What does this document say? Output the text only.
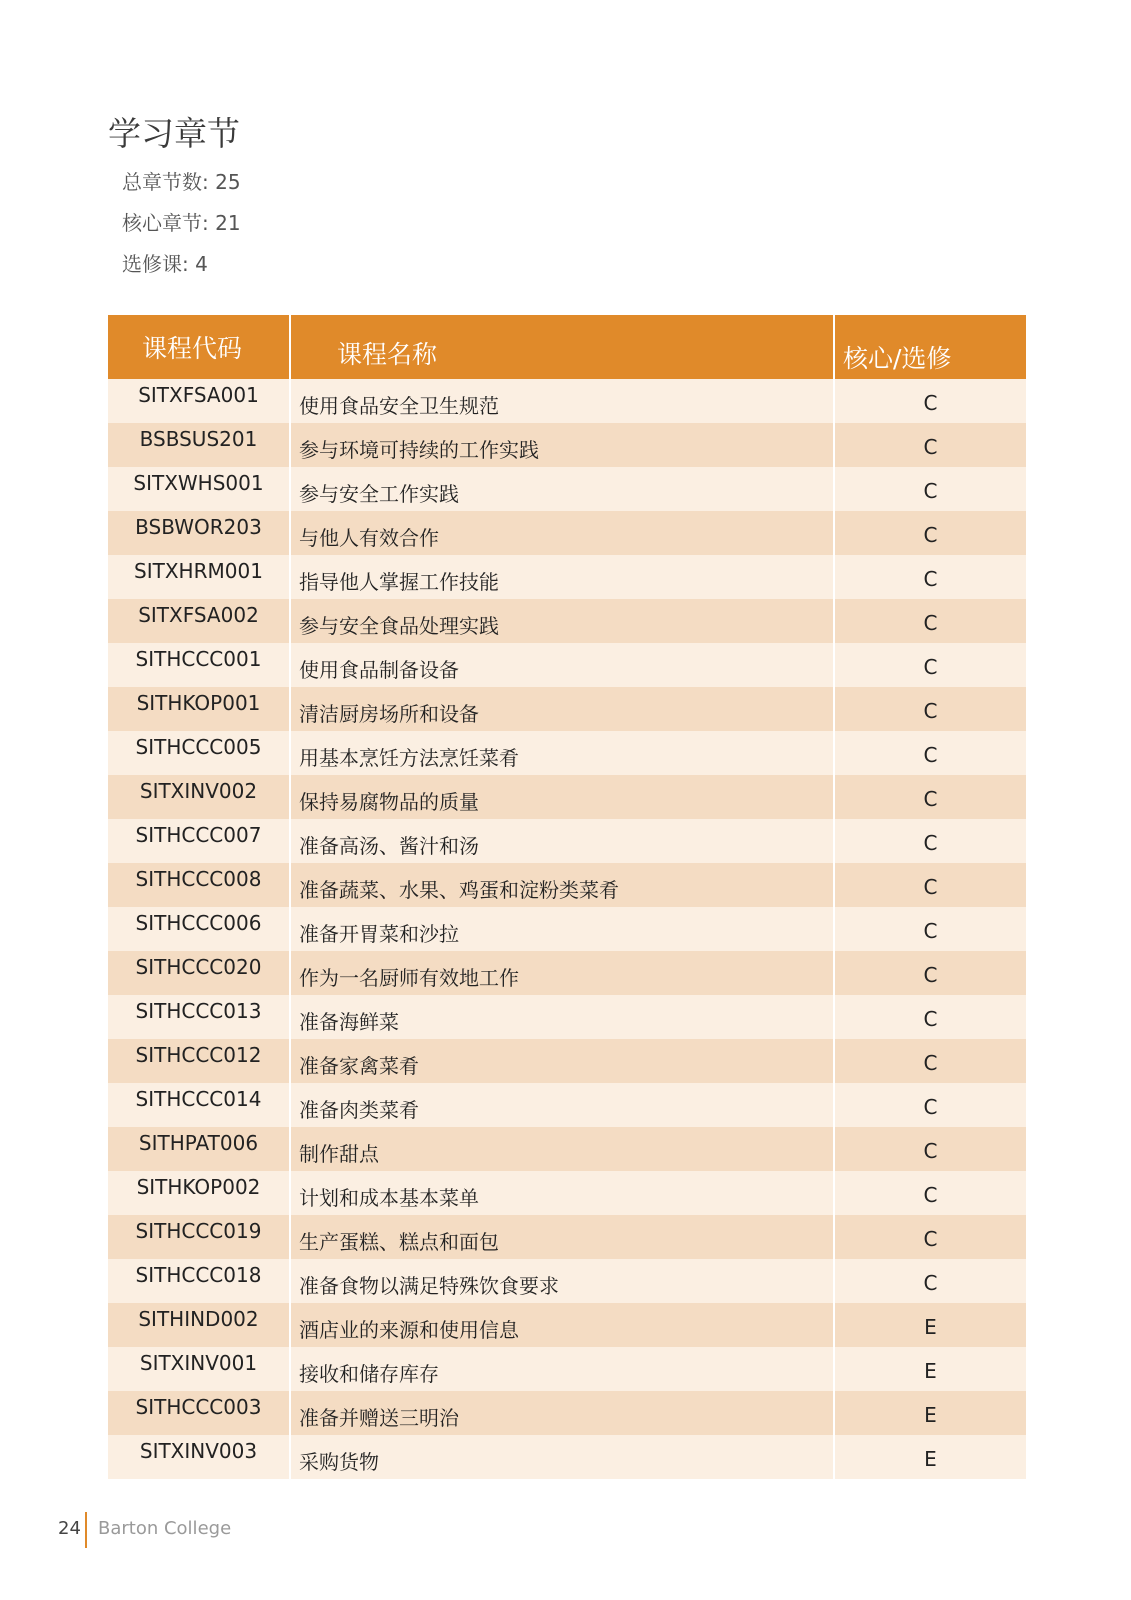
学习章节
总章节数: 25
核心章节: 21
选修课: 4
课程代码	课程名称	核心/选修
SITXFSA001	使用食品安全卫生规范	C
BSBSUS201	参与环境可持续的工作实践	C
SITXWHS001	参与安全工作实践	C
BSBWOR203	与他人有效合作	C
SITXHRM001	指导他人掌握工作技能	C
SITXFSA002	参与安全食品处理实践	C
SITHCCC001	使用食品制备设备	C
SITHKOP001	清洁厨房场所和设备	C
SITHCCC005	用基本烹饪方法烹饪菜肴	C
SITXINV002	保持易腐物品的质量	C
SITHCCC007	准备高汤、酱汁和汤	C
SITHCCC008	准备蔬菜、水果、鸡蛋和淀粉类菜肴	C
SITHCCC006	准备开胃菜和沙拉	C
SITHCCC020	作为一名厨师有效地工作	C
SITHCCC013	准备海鲜菜	C
SITHCCC012	准备家禽菜肴	C
SITHCCC014	准备肉类菜肴	C
SITHPAT006	制作甜点	C
SITHKOP002	计划和成本基本菜单	C
SITHCCC019	生产蛋糕、糕点和面包	C
SITHCCC018	准备食物以满足特殊饮食要求	C
SITHIND002	酒店业的来源和使用信息	E
SITXINV001	接收和储存库存	E
SITHCCC003	准备并赠送三明治	E
SITXINV003	采购货物	E
24 Barton College
